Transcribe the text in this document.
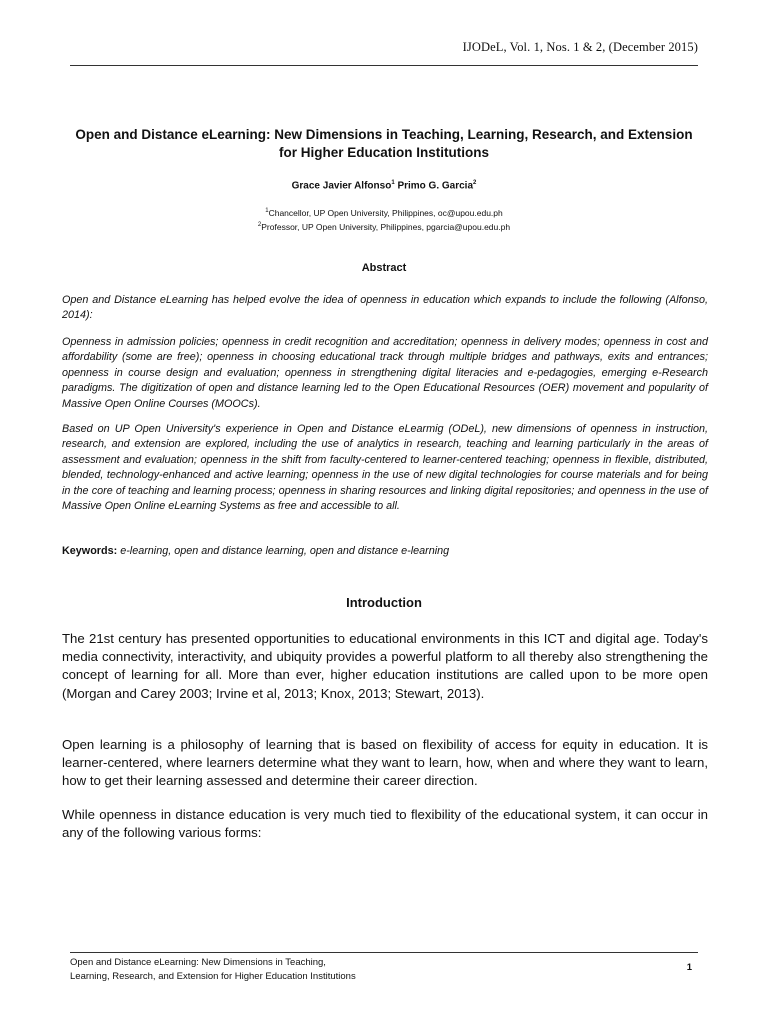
IJODeL, Vol. 1, Nos. 1 & 2, (December 2015)
Open and Distance eLearning: New Dimensions in Teaching, Learning, Research, and Extension
for Higher Education Institutions
Grace Javier Alfonso$^1$ Primo G. Garcia$^2$
$^1$Chancellor, UP Open University, Philippines, oc@upou.edu.ph
$^2$Professor, UP Open University, Philippines, pgarcia@upou.edu.ph
Abstract
Open and Distance eLearning has helped evolve the idea of openness in education which expands to include the following (Alfonso, 2014):
Openness in admission policies; openness in credit recognition and accreditation; openness in delivery modes; openness in cost and affordability (some are free); openness in choosing educational track through multiple bridges and pathways, exits and entrances; openness in course design and evaluation; openness in strengthening digital literacies and e-pedagogies, emerging e-Research paradigms. The digitization of open and distance learning led to the Open Educational Resources (OER) movement and popularity of Massive Open Online Courses (MOOCs).
Based on UP Open University's experience in Open and Distance eLearmig (ODeL), new dimensions of openness in instruction, research, and extension are explored, including the use of analytics in research, teaching and learning particularly in the areas of assessment and evaluation; openness in the shift from faculty-centered to learner-centered teaching; openness in flexible, distributed, blended, technology-enhanced and active learning; openness in the use of new digital technologies for course materials and for being in the core of teaching and learning process; openness in sharing resources and linking digital repositories; and openness in the use of Massive Open Online eLearning Systems as free and accessible to all.
Keywords: e-learning, open and distance learning, open and distance e-learning
Introduction
The 21st century has presented opportunities to educational environments in this ICT and digital age. Today's media connectivity, interactivity, and ubiquity provides a powerful platform to all thereby also strengthening the concept of learning for all. More than ever, higher education institutions are called upon to be more open (Morgan and Carey 2003; Irvine et al, 2013; Knox, 2013; Stewart, 2013).
Open learning is a philosophy of learning that is based on flexibility of access for equity in education. It is learner-centered, where learners determine what they want to learn, how, when and where they want to learn, how to get their learning assessed and determine their career direction.
While openness in distance education is very much tied to flexibility of the educational system, it can occur in any of the following various forms:
Open and Distance eLearning: New Dimensions in Teaching,
Learning, Research, and Extension for Higher Education Institutions
1
